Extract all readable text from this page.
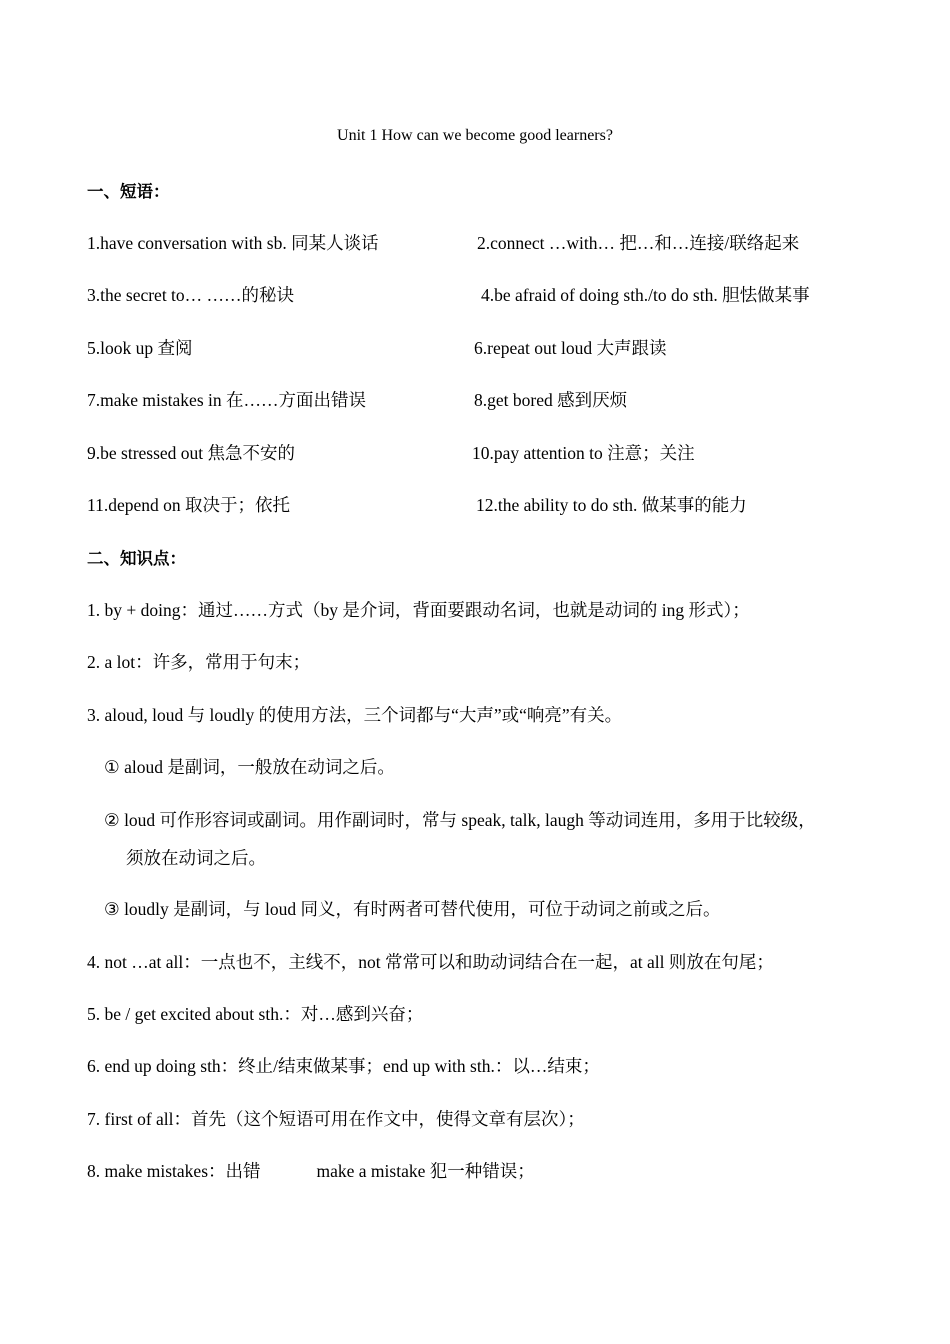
Unit 1 How can we become good learners?
一、短语：
1.have conversation with sb. 同某人谈话	2.connect …with… 把…和…连接/联络起来
3.the secret to… ……的秘诀	4.be afraid of doing sth./to do sth. 胆怯做某事
5.look up 查阅	6.repeat out loud 大声跟读
7.make mistakes in 在……方面出错误	8.get bored 感到厌烦
9.be stressed out 焦急不安的	10.pay attention to 注意；关注
11.depend on 取决于；依托	12.the ability to do sth. 做某事的能力
二、知识点：
1. by + doing：通过……方式（by 是介词，背面要跟动名词，也就是动词的 ing 形式）；
2. a lot：许多，常用于句末；
3. aloud, loud 与 loudly 的使用方法，三个词都与“大声”或“响亮”有关。
① aloud 是副词，一般放在动词之后。
② loud 可作形容词或副词。用作副词时，常与 speak, talk, laugh 等动词连用，多用于比较级，
须放在动词之后。
③ loudly 是副词，与 loud 同义，有时两者可替代使用，可位于动词之前或之后。
4. not …at all：一点也不，主线不，not 常常可以和助动词结合在一起，at all 则放在句尾；
5. be / get excited about sth.：对…感到兴奋；
6. end up doing sth：终止/结束做某事；end up with sth.：以…结束；
7. first of all：首先（这个短语可用在作文中，使得文章有层次）；
8. make mistakes：出错	make a mistake 犯一种错误；
